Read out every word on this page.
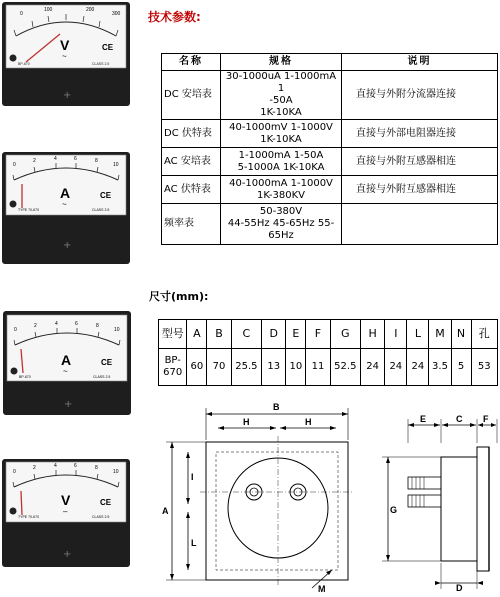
BP-670	CLASS 2.5
0
100	200
300
V
~
CE
+
TYPE 70-670	CLASS 2.5
0
2	4	6	8
10
A
~
CE
+
BP-670	CLASS 2.5
0
2	4	6	8
10
A
~
CE
+
TYPE 70-670	CLASS 2.5
0
2	4	6	8
10
V
‒
CE
+
技术参数:
名称	规格	说明
DC 安培表	30-1000uA 1-1000mA 1
-50A
1K-10KA	直接与外附分流器连接
DC 伏特表	40-1000mV 1-1000V
1K-10KA	直接与外部电阻器连接
AC 安培表	1-1000mA 1-50A
5-1000A 1K-10KA	直接与外附互感器相连
AC 伏特表	40-1000mA 1-1000V
1K-380KV	直接与外附互感器相连
频率表	50-380V
44-55Hz 45-65Hz 55-
65Hz	

尺寸(mm):
型号	A	B	C	D	E	F	G	H	I	L	M	N	孔
BP-
670	60	70	25.5	13	10	11	52.5	24	24	24	3.5	5	53
B
H	H
A
I
L
M
E	C F
G
D
